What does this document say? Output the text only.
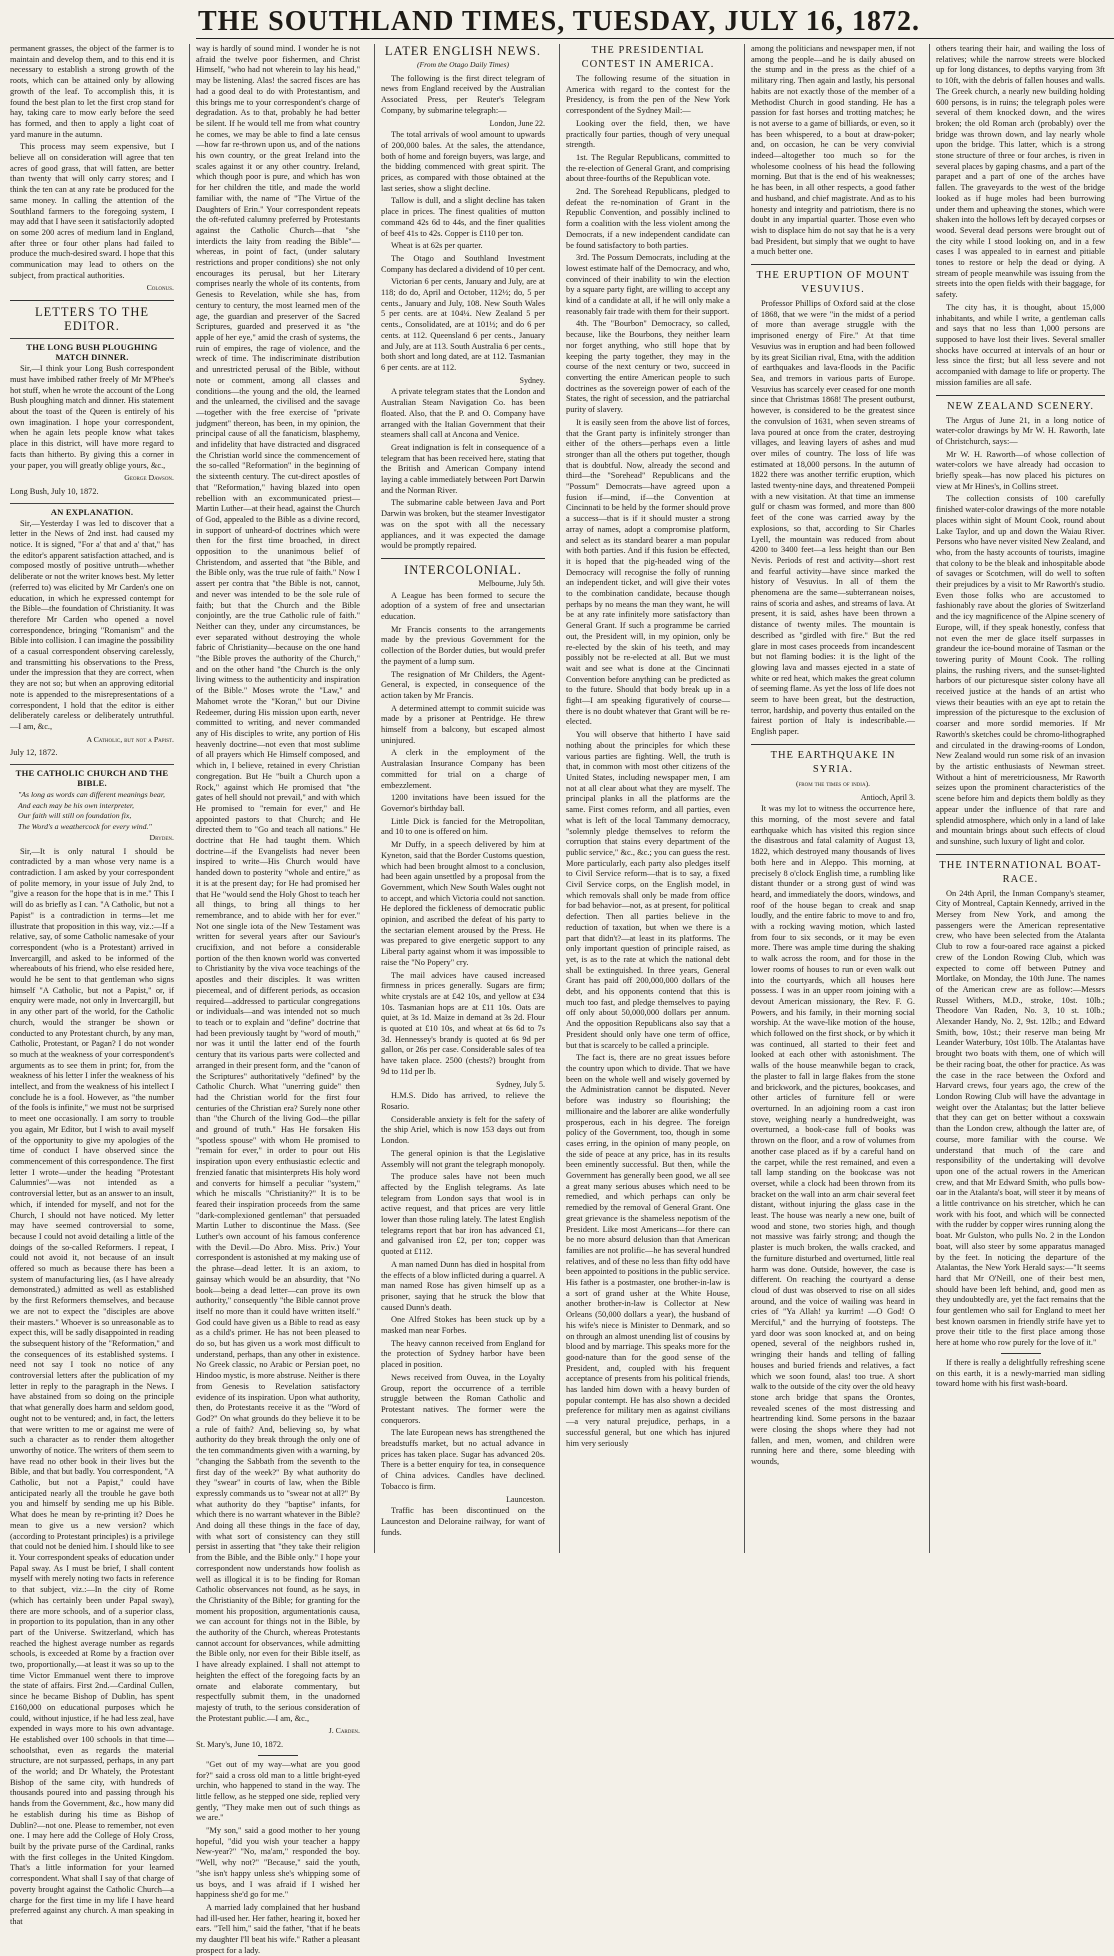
THE SOUTHLAND TIMES, TUESDAY, JULY 16, 1872.

permanent grasses, the object of the farmer is to maintain and develop them, and to this end it is necessary to establish a strong growth of the roots, which can be attained only by allowing growth of the leaf. To accomplish this, it is found the best plan to let the first crop stand for hay, taking care to mow early before the seed has formed, and then to apply a light coat of yard manure in the autumn.

This process may seem expensive, but I believe all on consideration will agree that ten acres of good grass, that will fatten, are better than twenty that will only carry stores; and I think the ten can at any rate be produced for the same money. In calling the attention of the Southland farmers to the foregoing system, I may add that I have seen it satisfactorily adopted on some 200 acres of medium land in England, after three or four other plans had failed to produce the much-desired sward. I hope that this communication may lead to others on the subject, from practical authorities.

Colonus.
LETTERS TO THE EDITOR.
THE LONG BUSH PLOUGHING MATCH DINNER.

Sir,—I think your Long Bush correspondent must have imbibed rather freely of Mr M'Phee's hot stuff, when he wrote the account of the Long Bush ploughing match and dinner. His statement about the toast of the Queen is entirely of his own imagination. I hope your correspondent, when he again lets people know what takes place in this district, will have more regard to facts than hitherto. By giving this a corner in your paper, you will greatly oblige yours, &c.,

George Dawson.

Long Bush, July 10, 1872.

AN EXPLANATION.

Sir,—Yesterday I was led to discover that a letter in the News of 2nd inst. had caused my notice. It is signed, "For a' that and a' that," has the editor's apparent satisfaction attached, and is composed mostly of positive untruth—whether deliberate or not the writer knows best. My letter (referred to) was elicited by Mr Carden's one on education, in which he expressed contempt for the Bible—the foundation of Christianity. It was therefore Mr Carden who opened a novel correspondence, bringing "Romanism" and the Bible into collision. I can imagine the possibility of a casual correspondent observing carelessly, and transmitting his observations to the Press, under the impression that they are correct, when they are not so; but when an approving editorial note is appended to the misrepresentations of a correspondent, I hold that the editor is either deliberately careless or deliberately untruthful.—I am, &c.,

A Catholic, but not a Papist.

July 12, 1872.

THE CATHOLIC CHURCH AND THE BIBLE.

"As long as words can different meanings bear,

And each may be his own interpreter,

Our faith will still on foundation fix,

The Word's a weathercock for every wind."

Dryden.

Sir,—It is only natural I should be contradicted by a man whose very name is a contradiction. I am asked by your correspondent of polite memory, in your issue of July 2nd, to "give a reason for the hope that is in me." This I will do as briefly as I can. "A Catholic, but not a Papist" is a contradiction in terms—let me illustrate that proposition in this way, viz.:—If a relative, say, of some Catholic namesake of your correspondent (who is a Protestant) arrived in Invercargill, and asked to be informed of the whereabouts of his friend, who else resided here, would he be sent to that gentleman who signs himself "A Catholic, but not a Papist," or, if enquiry were made, not only in Invercargill, but in any other part of the world, for the Catholic church, would the stranger be shown or conducted to any Protestant church, by any man, Catholic, Protestant, or Pagan? I do not wonder so much at the weakness of your correspondent's arguments as to see them in print; for, from the weakness of his letter I infer the weakness of his intellect, and from the weakness of his intellect I conclude he is a fool. However, as "the number of the fools is infinite," we must not be surprised to meet one occasionally. I am sorry to trouble you again, Mr Editor, but I wish to avail myself of the opportunity to give my apologies of the time of conduct I have observed since the commencement of this correspondence. The first letter I wrote—under the heading "Protestant Calumnies"—was not intended as a controversial letter, but as an answer to an insult, which, if intended for myself, and not for the Church, I should not have noticed. My letter may have seemed controversial to some, because I could not avoid detailing a little of the doings of the so-called Reformers. I repeat, I could not avoid it, not because of an insult offered so much as because there has been a system of manufacturing lies, (as I have already demonstrated,) admitted as well as established by the first Reformers themselves, and because we are not to expect the "disciples are above their masters." Whoever is so unreasonable as to expect this, will be sadly disappointed in reading the subsequent history of the "Reformation," and the consequences of its established systems. I need not say I took no notice of any controversial letters after the publication of my letter in reply to the paragraph in the News. I have abstained from so doing on the principle that what generally does harm and seldom good, ought not to be ventured; and, in fact, the letters that were written to me or against me were of such a character as to render them altogether unworthy of notice. The writers of them seem to have read no other book in their lives but the Bible, and that but badly. You correspondent, "A Catholic, but not a Papist," could have anticipated nearly all the trouble he gave both you and himself by sending me up his Bible. What does he mean by re-printing it? Does he mean to give us a new version? which (according to Protestant principles) is a privilege that could not be denied him. I should like to see it. Your correspondent speaks of education under Papal sway. As I must be brief, I shall content myself with merely noting two facts in reference to that subject, viz.:—In the city of Rome (which has certainly been under Papal sway), there are more schools, and of a superior class, in proportion to its population, than in any other part of the Universe. Switzerland, which has reached the highest average number as regards schools, is exceeded at Rome by a fraction over two, proportionally,—at least it was so up to the time Victor Emmanuel went there to improve the state of affairs. First 2nd.—Cardinal Cullen, since he became Bishop of Dublin, has spent £160,000 on educational purposes which he could, without injustice, if he had less zeal, have expended in ways more to his own advantage. He established over 100 schools in that time—schoolsthat, even as regards the material structure, are not surpassed, perhaps, in any part of the world; and Dr Whately, the Protestant Bishop of the same city, with hundreds of thousands poured into and passing through his hands from the Government, &c., how many did he establish during his time as Bishop of Dublin?—not one. Please to remember, not even one. I may here add the College of Holy Cross, built by the private purse of the Cardinal, ranks with the first colleges in the United Kingdom. That's a little information for your learned correspondent. What shall I say of that charge of poverty brought against the Catholic Church—a charge for the first time in my life I have heard preferred against any church. A man speaking in that

way is hardly of sound mind. I wonder he is not afraid the twelve poor fishermen, and Christ Himself, "who had not wherein to lay his head," may be listening. Alas! the sacred fisces are has had a good deal to do with Protestantism, and this brings me to your correspondent's charge of degradation. As to that, probably he had better be silent. If he would tell me from what country he comes, we may be able to find a late census—how far re-thrown upon us, and of the nations his own country, or the great Ireland into the scales against it or any other country. Ireland, which though poor is pure, and which has won for her children the title, and made the world familiar with, the name of "The Virtue of the Daughters of Erin." Your correspondent repeats the oft-refuted calumny preferred by Protestants against the Catholic Church—that "she interdicts the laity from reading the Bible"—whereas, in point of fact, (under salutary restrictions and proper conditions) she not only encourages its perusal, but her Literary comprises nearly the whole of its contents, from Genesis to Revelation, while she has, from century to century, the most learned men of the age, the guardian and preserver of the Sacred Scriptures, guarded and preserved it as "the apple of her eye," amid the crash of systems, the ruin of empires, the rage of violence, and the wreck of time. The indiscriminate distribution and unrestricted perusal of the Bible, without note or comment, among all classes and conditions—the young and the old, the learned and the unlearned, the civilised and the savage—together with the free exercise of "private judgment" thereon, has been, in my opinion, the principal cause of all the fanaticism, blasphemy, and infidelity that have distracted and disgraced the Christian world since the commencement of the so-called "Reformation" in the beginning of the sixteenth century. The cut-direct apostles of that "Reformation," having blazed into open rebellion with an excommunicated priest—Martin Luther—at their head, against the Church of God, appealed to the Bible as a divine record, in support of unheard-of doctrines which were then for the first time broached, in direct opposition to the unanimous belief of Christendom, and asserted that "the Bible, and the Bible only, was the true rule of faith." Now I assert per contra that "the Bible is not, cannot, and never was intended to be the sole rule of faith; but that the Church and the Bible conjointly, are the true Catholic rule of faith." Neither can they, under any circumstances, be ever separated without destroying the whole fabric of Christianity—because on the one hand "the Bible proves the authority of the Church," and on the other hand "the Church is the only living witness to the authenticity and inspiration of the Bible." Moses wrote the "Law," and Mahomet wrote the "Koran," but our Divine Redeemer, during His mission upon earth, never committed to writing, and never commanded any of His disciples to write, any portion of His heavenly doctrine—not even that most sublime of all prayers which He Himself composed, and which in, I believe, retained in every Christian congregation. But He "built a Church upon a Rock," against which He promised that "the gates of hell should not prevail," and with which He promised to "remain for ever," and He appointed pastors to that Church; and He directed them to "Go and teach all nations." He doctrine that He had taught them. Which doctrine—if the Evangelists had never been inspired to write—His Church would have handed down to posterity "whole and entire," as it is at the present day; for He had promised her that He "would send the Holy Ghost to teach her all things, to bring all things to her remembrance, and to abide with her for ever." Not one single iota of the New Testament was written for several years after our Saviour's crucifixion, and not before a considerable portion of the then known world was converted to Christianity by the viva voce teachings of the apostles and their disciples. It was written piecemeal, and of different periods, as occasion required—addressed to particular congregations or individuals—and was intended not so much to teach or to explain and "define" doctrine that had been previously taught by "word of mouth," nor was it until the latter end of the fourth century that its various parts were collected and arranged in their present form, and the "canon of the Scriptures" authoritatively "defined" by the Catholic Church. What "unerring guide" then had the Christian world for the first four centuries of the Christian era? Surely none other than "the Church of the living God—the pillar and ground of truth." Has He forsaken His "spotless spouse" with whom He promised to "remain for ever," in order to pour out His inspiration upon every enthusiastic eclectic and frenzied fanatic that misinterprets His holy word and converts for himself a peculiar "system," which he miscalls "Christianity?" It is to be feared their inspiration proceeds from the same "dark-complexioned gentleman" that persuaded Martin Luther to discontinue the Mass. (See Luther's own account of his famous conference with the Devil.—Do Abro. Miss. Priv.) Your correspondent is astonished at my making use of the phrase—dead letter. It is an axiom, to gainsay which would be an absurdity, that "No book—being a dead letter—can prove its own authority," consequently "the Bible cannot prove itself no more than it could have written itself." God could have given us a Bible to read as easy as a child's primer. He has not been pleased to do so, but has given us a work most difficult to understand, perhaps, than any other in existence. No Greek classic, no Arabic or Persian poet, no Hindoo mystic, is more abstruse. Neither is there from Genesis to Revelation satisfactory evidence of its inspiration. Upon what authority, then, do Protestants receive it as the "Word of God?" On what grounds do they believe it to be a rule of faith? And, believing so, by what authority do they break through the only one of the ten commandments given with a warning, by "changing the Sabbath from the seventh to the first day of the week?" By what authority do they "swear" in courts of law, when the Bible expressly commands us to "swear not at all?" By what authority do they "baptise" infants, for which there is no warrant whatever in the Bible? And doing all these things in the face of day, with what sort of consistency can they still persist in asserting that "they take their religion from the Bible, and the Bible only." I hope your correspondent now understands how foolish as well as illogical it is to be finding for Roman Catholic observances not found, as he says, in the Christianity of the Bible; for granting for the moment his proposition, argumentationis causa, we can account for things not in the Bible, by the authority of the Church, whereas Protestants cannot account for observances, while admitting the Bible only, nor even for their Bible itself, as I have already explained. I shall not attempt to heighten the effect of the foregoing facts by an ornate and elaborate commentary, but respectfully submit them, in the unadorned majesty of truth, to the serious consideration of the Protestant public.—I am, &c.,

J. Carden.

St. Mary's, June 10, 1872.

"Get out of my way—what are you good for?" said a cross old man to a little bright-eyed urchin, who happened to stand in the way. The little fellow, as he stepped one side, replied very gently, "They make men out of such things as we are."

"My son," said a good mother to her young hopeful, "did you wish your teacher a happy New-year?" "No, ma'am," responded the boy. "Well, why not?" "Because," said the youth, "she isn't happy unless she's whipping some of us boys, and I was afraid if I wished her happiness she'd go for me."

A married lady complained that her husband had ill-used her. Her father, hearing it, boxed her ears. "Tell him," said the father, "that if he beats my daughter I'll beat his wife." Rather a pleasant prospect for a lady.

LATER ENGLISH NEWS.
(From the Otago Daily Times)

The following is the first direct telegram of news from England received by the Australian Associated Press, per Reuter's Telegram Company, by submarine telegraph:—

London, June 22.

The total arrivals of wool amount to upwards of 200,000 bales. At the sales, the attendance, both of home and foreign buyers, was large, and the bidding commenced with great spirit. The prices, as compared with those obtained at the last series, show a slight decline.

Tallow is dull, and a slight decline has taken place in prices. The finest qualities of mutton command 42s 6d to 44s, and the finer qualities of beef 41s to 42s. Copper is £110 per ton.

Wheat is at 62s per quarter.

The Otago and Southland Investment Company has declared a dividend of 10 per cent.

Victorian 6 per cents, January and July, are at 118; do do, April and October, 112½; do, 5 per cents., January and July, 108. New South Wales 5 per cents. are at 104¼. New Zealand 5 per cents., Consolidated, are at 101½; and do 6 per cents. at 112. Queensland 6 per cents., January and July, are at 113. South Australia 6 per cents., both short and long dated, are at 112. Tasmanian 6 per cents. are at 112.

Sydney.

A private telegram states that the London and Australian Steam Navigation Co. has been floated. Also, that the P. and O. Company have arranged with the Italian Government that their steamers shall call at Ancona and Venice.

Great indignation is felt in consequence of a telegram that has been received here, stating that the British and American Company intend laying a cable immediately between Port Darwin and the Norman River.

The submarine cable between Java and Port Darwin was broken, but the steamer Investigator was on the spot with all the necessary appliances, and it was expected the damage would be promptly repaired.

INTERCOLONIAL.
Melbourne, July 5th.

A League has been formed to secure the adoption of a system of free and unsectarian education.

Mr Francis consents to the arrangements made by the previous Government for the collection of the Border duties, but would prefer the payment of a lump sum.

The resignation of Mr Childers, the Agent-General, is expected, in consequence of the action taken by Mr Francis.

A determined attempt to commit suicide was made by a prisoner at Pentridge. He threw himself from a balcony, but escaped almost uninjured.

A clerk in the employment of the Australasian Insurance Company has been committed for trial on a charge of embezzlement.

1200 invitations have been issued for the Governor's birthday ball.

Little Dick is fancied for the Metropolitan, and 10 to one is offered on him.

Mr Duffy, in a speech delivered by him at Kyneton, said that the Border Customs question, which had been brought almost to a conclusion, had been again unsettled by a proposal from the Government, which New South Wales ought not to accept, and which Victoria could not sanction. He deplored the fickleness of democratic public opinion, and ascribed the defeat of his party to the sectarian element aroused by the Press. He was prepared to give energetic support to any Liberal party against whom it was impossible to raise the "No Popery" cry.

The mail advices have caused increased firmness in prices generally. Sugars are firm; white crystals are at £42 10s, and yellow at £34 10s. Tasmanian hops are at £11 10s. Oats are quiet, at 3s 1d. Maize in demand at 3s 2d. Flour is quoted at £10 10s, and wheat at 6s 6d to 7s 3d. Hennessey's brandy is quoted at 6s 9d per gallon, or 26s per case. Considerable sales of tea have taken place. 2500 (chests?) brought from 9d to 11d per lb.

Sydney, July 5.

H.M.S. Dido has arrived, to relieve the Rosario.

Considerable anxiety is felt for the safety of the ship Ariel, which is now 153 days out from London.

The general opinion is that the Legislative Assembly will not grant the telegraph monopoly.

The produce sales have not been much affected by the English telegrams. As late telegram from London says that wool is in active request, and that prices are very little lower than those ruling lately. The latest English telegrams report that bar iron has advanced £1, and galvanised iron £2, per ton; copper was quoted at £112.

A man named Dunn has died in hospital from the effects of a blow inflicted during a quarrel. A man named Rose has given himself up as a prisoner, saying that he struck the blow that caused Dunn's death.

One Alfred Stokes has been stuck up by a masked man near Forbes.

The heavy cannon received from England for the protection of Sydney harbor have been placed in position.

News received from Ouvea, in the Loyalty Group, report the occurrence of a terrible struggle between the Roman Catholic and Protestant natives. The former were the conquerors.

The late European news has strengthened the breadstuffs market, but no actual advance in prices has taken place. Sugar has advanced 20s. There is a better enquiry for tea, in consequence of China advices. Candles have declined. Tobacco is firm.

Launceston.

Traffic has been discontinued on the Launceston and Deloraine railway, for want of funds.

THE PRESIDENTIAL CONTEST IN AMERICA.

The following resume of the situation in America with regard to the contest for the Presidency, is from the pen of the New York correspondent of the Sydney Mail:—

Looking over the field, then, we have practically four parties, though of very unequal strength.

1st. The Regular Republicans, committed to the re-election of General Grant, and comprising about three-fourths of the Republican vote.

2nd. The Sorehead Republicans, pledged to defeat the re-nomination of Grant in the Republic Convention, and possibly inclined to form a coalition with the less violent among the Democrats, if a new independent candidate can be found satisfactory to both parties.

3rd. The Possum Democrats, including at the lowest estimate half of the Democracy, and who, convinced of their inability to win the election by a square party fight, are willing to accept any kind of a candidate at all, if he will only make a reasonably fair trade with them for their support.

4th. The "Bourbon" Democracy, so called, because, like the Bourbons, they neither learn nor forget anything, who still hope that by keeping the party together, they may in the course of the next century or two, succeed in converting the entire American people to such doctrines as the sovereign power of each of the States, the right of secession, and the patriarchal purity of slavery.

It is easily seen from the above list of forces, that the Grant party is infinitely stronger than either of the others—perhaps even a little stronger than all the others put together, though that is doubtful. Now, already the second and third—the "Sorehead" Republicans and the "Possum" Democrats—have agreed upon a fusion if—mind, if—the Convention at Cincinnati to be held by the former should prove a success—that is if it should muster a strong array of names, adopt a compromise platform, and select as its standard bearer a man popular with both parties. And if this fusion be effected, it is hoped that the pig-headed wing of the Democracy will recognise the folly of running an independent ticket, and will give their votes to the combination candidate, because though perhaps by no means the man they want, he will be at any rate infinitely more satisfactory than General Grant. If such a programme be carried out, the President will, in my opinion, only be re-elected by the skin of his teeth, and may possibly not be re-elected at all. But we must wait and see what is done at the Cincinnati Convention before anything can be predicted as to the future. Should that body break up in a fight—I am speaking figuratively of course—there is no doubt whatever that Grant will be re-elected.

You will observe that hitherto I have said nothing about the principles for which these various parties are fighting. Well, the truth is that, in common with most other citizens of the United States, including newspaper men, I am not at all clear about what they are myself. The principal planks in all the platforms are the same. First comes reform, and all parties, even what is left of the local Tammany democracy, "solemnly pledge themselves to reform the corruption that stains every department of the public service," &c., &c.; you can guess the rest. More particularly, each party also pledges itself to Civil Service reform—that is to say, a fixed Civil Service corps, on the English model, in which removals shall only be made from office for bad behavior—not, as at present, for political defection. Then all parties believe in the reduction of taxation, but when we there is a part that didn't?—at least in its platforms. The only important question of principle raised, as yet, is as to the rate at which the national debt shall be extinguished. In three years, General Grant has paid off 200,000,000 dollars of the debt, and his opponents contend that this is much too fast, and pledge themselves to paying off only about 50,000,000 dollars per annum. And the opposition Republicans also say that a President should only have one term of office, but that is scarcely to be called a principle.

The fact is, there are no great issues before the country upon which to divide. That we have been on the whole well and wisely governed by the Administration cannot be disputed. Never before was industry so flourishing; the millionaire and the laborer are alike wonderfully prosperous, each in his degree. The foreign policy of the Government, too, though in some cases erring, in the opinion of many people, on the side of peace at any price, has in its results been eminently successful. But then, while the Government has generally been good, we all see a great many serious abuses which need to be remedied, and which perhaps can only be remedied by the removal of General Grant. One great grievance is the shameless nepotism of the President. Like most Americans—for there can be no more absurd delusion than that American families are not prolific—he has several hundred relatives, and of these no less than fifty odd have been appointed to positions in the public service. His father is a postmaster, one brother-in-law is a sort of grand usher at the White House, another brother-in-law is Collector at New Orleans (50,000 dollars a year), the husband of his wife's niece is Minister to Denmark, and so on through an almost unending list of cousins by blood and by marriage. This speaks more for the good-nature than for the good sense of the President, and, coupled with his frequent acceptance of presents from his political friends, has landed him down with a heavy burden of popular contempt. He has also shown a decided preference for military men as against civilians—a very natural prejudice, perhaps, in a successful general, but one which has injured him very seriously

among the politicians and newspaper men, if not among the people—and he is daily abused on the stump and in the press as the chief of a military ring. Then again and lastly, his personal habits are not exactly those of the member of a Methodist Church in good standing. He has a passion for fast horses and trotting matches; he is not averse to a game of billiards, or even, so it has been whispered, to a bout at draw-poker; and, on occasion, he can be very convivial indeed—altogether too much so for the wholesome coolness of his head the following morning. But that is the end of his weaknesses; he has been, in all other respects, a good father and husband, and chief magistrate. And as to his honesty and integrity and patriotism, there is no doubt in any impartial quarter. Those even who wish to displace him do not say that he is a very bad President, but simply that we ought to have a much better one.

THE ERUPTION OF MOUNT VESUVIUS.

Professor Phillips of Oxford said at the close of 1868, that we were "in the midst of a period of more than average struggle with the imprisoned energy of Fire." At that time Vesuvius was in eruption and had been followed by its great Sicilian rival, Etna, with the addition of earthquakes and lava-floods in the Pacific Sea, and tremors in various parts of Europe. Vesuvius has scarcely ever ceased for one month since that Christmas 1868! The present outburst, however, is considered to be the greatest since the convulsion of 1631, when seven streams of lava poured at once from the crater, destroying villages, and leaving layers of ashes and mud over miles of country. The loss of life was estimated at 18,000 persons. In the autumn of 1822 there was another terrific eruption, which lasted twenty-nine days, and threatened Pompeii with a new visitation. At that time an immense gulf or chasm was formed, and more than 800 feet of the cone was carried away by the explosions, so that, according to Sir Charles Lyell, the mountain was reduced from about 4200 to 3400 feet—a less height than our Ben Nevis. Periods of rest and activity—short rest and fearful activity—have since marked the history of Vesuvius. In all of them the phenomena are the same—subterranean noises, rains of scoria and ashes, and streams of lava. At present, it is said, ashes have been thrown a distance of twenty miles. The mountain is described as "girdled with fire." But the red glare in most cases proceeds from incandescent but not flaming bodies: it is the light of the glowing lava and masses ejected in a state of white or red heat, which makes the great column of seeming flame. As yet the loss of life does not seem to have been great, but the destruction, terror, hardship, and poverty thus entailed on the fairest portion of Italy is indescribable.—English paper.

THE EARTHQUAKE IN SYRIA.
(from the times of india).
Antioch, April 3.

It was my lot to witness the occurrence here, this morning, of the most severe and fatal earthquake which has visited this region since the disastrous and fatal calamity of August 13, 1822, which destroyed many thousands of lives both here and in Aleppo. This morning, at precisely 8 o'clock English time, a rumbling like distant thunder or a strong gust of wind was heard, and immediately the doors, windows, and roof of the house began to creak and snap loudly, and the entire fabric to move to and fro, with a rocking waving motion, which lasted from four to six seconds, or it may be even more. There was ample time during the shaking to walk across the room, and for those in the lower rooms of houses to run or even walk out into the courtyards, which all houses here possess. I was in an upper room joining with a devout American missionary, the Rev. F. G. Powers, and his family, in their morning social worship. At the wave-like motion of the house, which followed on the first shock, or by which it was continued, all started to their feet and looked at each other with astonishment. The walls of the house meanwhile began to crack, the plaster to fall in large flakes from the stone and brickwork, and the pictures, bookcases, and other articles of furniture fell or were overturned. In an adjoining room a cast iron stove, weighing nearly a hundredweight, was overturned, a book-case full of books was thrown on the floor, and a row of volumes from another case placed as if by a careful hand on the carpet, while the rest remained, and even a tall lamp standing on the bookcase was not overset, while a clock had been thrown from its bracket on the wall into an arm chair several feet distant, without injuring the glass case in the least. The house was nearly a new one, built of wood and stone, two stories high, and though not massive was fairly strong; and though the plaster is much broken, the walls cracked, and the furniture disturbed and overturned, little real harm was done. Outside, however, the case is different. On reaching the courtyard a dense cloud of dust was observed to rise on all sides around, and the voice of wailing was heard in cries of "Ya Allah! ya kurrim! —O God! O Merciful," and the hurrying of footsteps. The yard door was soon knocked at, and on being opened, several of the neighbors rushed in, wringing their hands and telling of falling houses and buried friends and relatives, a fact which we soon found, alas! too true. A short walk to the outside of the city over the old heavy stone arch bridge that spans the Orontes, revealed scenes of the most distressing and heartrending kind. Some persons in the bazaar were closing the shops where they had not fallen, and men, women, and children were running here and there, some bleeding with wounds,

others tearing their hair, and wailing the loss of relatives; while the narrow streets were blocked up for long distances, to depths varying from 3ft to 10ft, with the debris of fallen houses and walls. The Greek church, a nearly new building holding 600 persons, is in ruins; the telegraph poles were several of them knocked down, and the wires broken; the old Roman arch (probably) over the bridge was thrown down, and lay nearly whole upon the bridge. This latter, which is a strong stone structure of three or four arches, is riven in several places by gaping chasms, and a part of the parapet and a part of one of the arches have fallen. The graveyards to the west of the bridge looked as if huge moles had been burrowing under them and upheaving the stones, which were shaken into the hollows left by decayed corpses or wood. Several dead persons were brought out of the city while I stood looking on, and in a few cases I was appealed to in earnest and pitiable tones to restore or help the dead or dying. A stream of people meanwhile was issuing from the streets into the open fields with their baggage, for safety.

The city has, it is thought, about 15,000 inhabitants, and while I write, a gentleman calls and says that no less than 1,000 persons are supposed to have lost their lives. Several smaller shocks have occurred at intervals of an hour or less since the first; but all less severe and not accompanied with damage to life or property. The mission families are all safe.

NEW ZEALAND SCENERY.

The Argus of June 21, in a long notice of water-color drawings by Mr W. H. Raworth, late of Christchurch, says:—

Mr W. H. Raworth—of whose collection of water-colors we have already had occasion to briefly speak—has now placed his pictures on view at Mr Hines's, in Collins street.

The collection consists of 100 carefully finished water-color drawings of the more notable places within sight of Mount Cook, round about Lake Taylor, and up and down the Waiau River. Persons who have never visited New Zealand, and who, from the hasty accounts of tourists, imagine that colony to be the bleak and inhospitable abode of savages or Scotchmen, will do well to soften their prejudices by a visit to Mr Raworth's studio. Even those folks who are accustomed to fashionably rave about the glories of Switzerland and the icy magnificence of the Alpine scenery of Europe, will, if they speak honestly, confess that not even the mer de glace itself surpasses in grandeur the ice-bound moraine of Tasman or the towering purity of Mount Cook. The rolling plains, the rushing rivers, and the sunset-lighted harbors of our picturesque sister colony have all received justice at the hands of an artist who views their beauties with an eye apt to retain the impression of the picturesque to the exclusion of coarser and more sordid memories. If Mr Raworth's sketches could be chromo-lithographed and circulated in the drawing-rooms of London, New Zealand would run some risk of an invasion by the artistic enthusiasts of Newman street. Without a hint of meretriciousness, Mr Raworth seizes upon the prominent characteristics of the scene before him and depicts them boldly as they appear under the influence of that rare and splendid atmosphere, which only in a land of lake and mountain brings about such effects of cloud and sunshine, such luxury of light and color.

THE INTERNATIONAL BOAT-RACE.

On 24th April, the Inman Company's steamer, City of Montreal, Captain Kennedy, arrived in the Mersey from New York, and among the passengers were the American representative crew, who have been selected from the Atalanta Club to row a four-oared race against a picked crew of the London Rowing Club, which was expected to come off between Putney and Mortlake, on Monday, the 10th June. The names of the American crew are as follow:—Messrs Russel Withers, M.D., stroke, 10st. 10lb.; Theodore Van Raden, No. 3, 10 st. 10lb.; Alexander Handy, No. 2, 9st. 12lb.; and Edward Smith, bow, 10st.; their reserve man being Mr Leander Waterbury, 10st 10lb. The Atalantas have brought two boats with them, one of which will be their racing boat, the other for practice. As was the case in the race between the Oxford and Harvard crews, four years ago, the crew of the London Rowing Club will have the advantage in weight over the Atalantas; but the latter believe that they can get on better without a coxswain than the London crew, although the latter are, of course, more familiar with the course. We understand that much of the care and responsibility of the undertaking will devolve upon one of the actual rowers in the American crew, and that Mr Edward Smith, who pulls bow-oar in the Atalanta's boat, will steer it by means of a little contrivance on his stretcher, which he can work with his foot, and which will be connected with the rudder by copper wires running along the boat. Mr Gulston, who pulls No. 2 in the London boat, will also steer by some apparatus managed by the feet. In noticing the departure of the Atalantas, the New York Herald says:—"It seems hard that Mr O'Neill, one of their best men, should have been left behind, and, good men as they undoubtedly are, yet the fact remains that the four gentlemen who sail for England to meet her best known oarsmen in friendly strife have yet to prove their title to the first place among those here at home who row purely for the love of it."

If there is really a delightfully refreshing scene on this earth, it is a newly-married man sidling toward home with his first wash-board.
